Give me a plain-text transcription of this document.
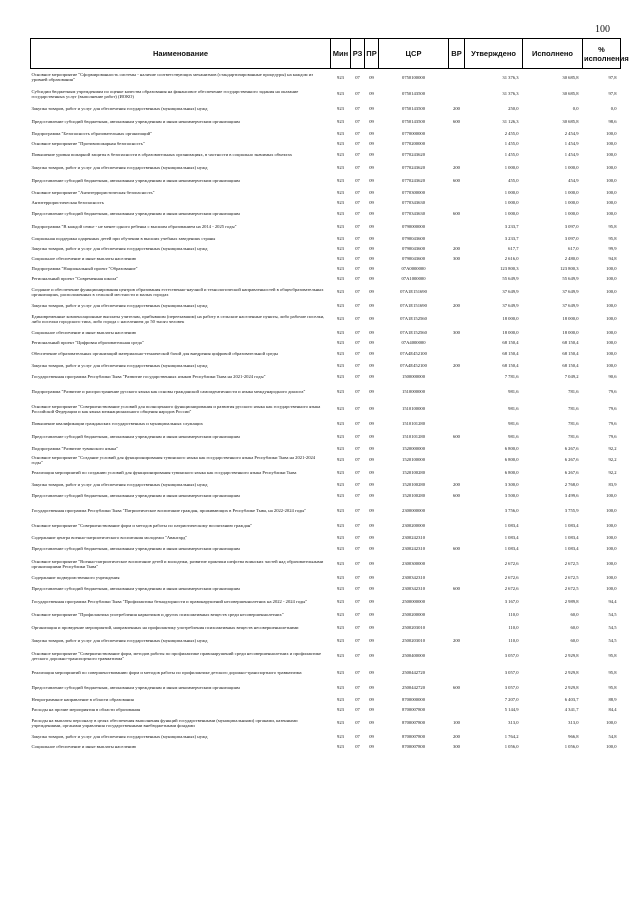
100
Наименование	Мин	РЗ	ПР	ЦСР	ВР	Утверждено	Исполнено	% исполнения
Основное мероприятие "Сформированность системы - наличие соответствующих механизмов (стандартизированные процедуры) на каждом из уровней образования"	923	07	09	0750100000		31 376,3	30 685,8	97,8
Субсидии бюджетным учреждениям по оценке качества образования на финансовое обеспечение государственного задания на оказание государственных услуг (выполнение работ) (ИОКО)	923	07	09	0750143500		31 376,3	30 685,8	97,8
Закупка товаров, работ и услуг для обеспечения государственных (муниципальных) нужд	923	07	09	0750143500	200	250,0	0,0	0,0
Предоставление субсидий бюджетным, автономным учреждениям и иным некоммерческим организациям	923	07	09	0750143500	600	31 126,3	30 685,8	98,6
Подпрограмма "Безопасность образовательных организаций"	923	07	09	0770000000		2 455,0	2 454,9	100,0
Основное мероприятие "Противопожарная безопасность"	923	07	09	0770200000		1 455,0	1 454,9	100,0
Повышение уровня пожарной защиты в безопасности в образовательных организациях, в частности в социально значимых объектах	923	07	09	0770243620		1 455,0	1 454,9	100,0
Закупка товаров, работ и услуг для обеспечения государственных (муниципальных) нужд	923	07	09	0770243620	200	1 000,0	1 000,0	100,0
Предоставление субсидий бюджетным, автономным учреждениям и иным некоммерческим организациям	923	07	09	0770243620	600	455,0	454,9	100,0
Основное мероприятие "Антитеррористическая безопасность"	923	07	09	0770300000		1 000,0	1 000,0	100,0
Антитеррористическая безопасность	923	07	09	0770343630		1 000,0	1 000,0	100,0
Предоставление субсидий бюджетным, автономным учреждениям и иным некоммерческим организациям	923	07	09	0770343630	600	1 000,0	1 000,0	100,0
Подпрограмма "В каждой семье - не менее одного ребенка с высшим образованием на 2014 - 2025 годы"	923	07	09	0790000000		3 233,7	3 097,0	95,8
Социальная поддержка одаренных детей при обучении в высших учебных заведениях страны	923	07	09	0790043600		3 233,7	3 097,0	95,8
Закупка товаров, работ и услуг для обеспечения государственных (муниципальных) нужд	923	07	09	0790043600	200	617,7	617,0	99,9
Социальное обеспечение и иные выплаты населению	923	07	09	0790043600	300	2 616,0	2 480,0	94,8
Подпрограмма "Национальный проект "Образование"	923	07	09	07А0000000		123 800,3	123 800,3	100,0
Региональный проект "Современная школа"	923	07	09	07А1000000		55 649,9	55 649,9	100,0
Создание и обеспечение функционирования центров образования естественно-научной и технологической направленностей в общеобразовательных организациях, расположенных в сельской местности и малых городах	923	07	09	07А1Е151690		37 649,9	37 649,9	100,0
Закупка товаров, работ и услуг для обеспечения государственных (муниципальных) нужд	923	07	09	07А1Е151690	200	37 649,9	37 649,9	100,0
Единовременные компенсационные выплаты учителям, прибывшим (переехавшим) на работу в сельские населенные пункты, либо рабочие поселки, либо поселки городского типа, либо города с населением до 50 тысяч человек	923	07	09	07А1Е152560		18 000,0	18 000,0	100,0
Социальное обеспечение и иные выплаты населению	923	07	09	07А1Е152560	300	18 000,0	18 000,0	100,0
Региональный проект "Цифровая образовательная среда"	923	07	09	07А4000000		68 150,4	68 150,4	100,0
Обеспечение образовательных организаций материально-технической базой для внедрения цифровой образовательной среды	923	07	09	07А4Е452100		68 150,4	68 150,4	100,0
Закупка товаров, работ и услуг для обеспечения государственных (муниципальных) нужд	923	07	09	07А4Е452100	200	68 150,4	68 150,4	100,0
Государственная программа Республики Тыва "Развитие государственных языков Республики Тыва на 2021-2024 годы"	923	07	09	1500000000		7 781,6	7 049,2	90,6
Подпрограмма "Развитие и распространение русского языка как основы гражданской самоидентичности и языка международного диалога"	923	07	09	1510000000		981,6	781,6	79,6
Основное мероприятие "Совершенствование условий для полноценного функционирования и развития русского языка как государственного языка Российской Федерации и как языка межнационального общения народов России"	923	07	09	1510100000		981,6	781,6	79,6
Повышение квалификации гражданских государственных и муниципальных служащих	923	07	09	1510101280		981,6	781,6	79,6
Предоставление субсидий бюджетным, автономным учреждениям и иным некоммерческим организациям	923	07	09	1510101280	600	981,6	781,6	79,6
Подпрограмма "Развитие тувинского языка"	923	07	09	1520000000		6 800,0	6 267,6	92,2
Основное мероприятие "Создание условий для функционирования тувинского языка как государственного языка Республики Тыва на 2021-2024 годы"	923	07	09	1520100000		6 800,0	6 267,6	92,2
Реализация мероприятий по созданию условий для функционирования тувинского языка как государственного языка Республики Тыва	923	07	09	1520100280		6 800,0	6 267,6	92,2
Закупка товаров, работ и услуг для обеспечения государственных (муниципальных) нужд	923	07	09	1520100280	200	3 300,0	2 768,0	83,9
Предоставление субсидий бюджетным, автономным учреждениям и иным некоммерческим организациям	923	07	09	1520100280	600	3 500,0	3 499,6	100,0
Государственная программа Республики Тыва "Патриотическое воспитание граждан, проживающих в Республике Тыва, на 2022-2024 годы"	923	07	09	2300000000		3 756,0	3 755,9	100,0
Основное мероприятие "Совершенствование форм и методов работы по патриотическому воспитанию граждан"	923	07	09	2300200000		1 083,4	1 083,4	100,0
Содержание центра военно-патриотического воспитания молодежи "Авангард"	923	07	09	2300242310		1 083,4	1 083,4	100,0
Предоставление субсидий бюджетным, автономным учреждениям и иным некоммерческим организациям	923	07	09	2300242310	600	1 083,4	1 083,4	100,0
Основное мероприятие "Военно-патриотическое воспитание детей и молодежи, развитие практики шефства воинских частей над образовательными организациями Республики Тыва"	923	07	09	2300300000		2 672,6	2 672,5	100,0
Содержание подведомственного учреждения	923	07	09	2300342310		2 672,6	2 672,5	100,0
Предоставление субсидий бюджетным, автономным учреждениям и иным некоммерческим организациям	923	07	09	2300342310	600	2 672,6	2 672,5	100,0
Государственная программа Республики Тыва "Профилактика безнадзорности и правонарушений несовершеннолетних на 2022 - 2024 годы"	923	07	09	2500000000		3 167,0	2 989,8	94,4
Основное мероприятие "Профилактика употребления наркотиков и других психоактивных веществ среди несовершеннолетних"	923	07	09	2500200000		110,0	60,0	54,5
Организация и проведение мероприятий, направленных на профилактику употребления психоактивных веществ несовершеннолетними	923	07	09	2500203010		110,0	60,0	54,5
Закупка товаров, работ и услуг для обеспечения государственных (муниципальных) нужд	923	07	09	2500203010	200	110,0	60,0	54,5
Основное мероприятие "Совершенствование форм, методов работы по профилактике правонарушений среди несовершеннолетних и профилактике детского дорожно-транспортного травматизма"	923	07	09	2500400000		3 057,0	2 929,8	95,8
Реализация мероприятий по совершенствованию форм и методов работы по профилактике детского дорожно-транспортного травматизма	923	07	09	2500442720		3 057,0	2 929,8	95,8
Предоставление субсидий бюджетным, автономным учреждениям и иным некоммерческим организациям	923	07	09	2500442720	600	3 057,0	2 929,8	95,8
Непрограммное направление в области образования	923	07	09	8700000000		7 207,0	6 403,7	88,9
Расходы на прочие мероприятия в области образования	923	07	09	8700007800		5 144,9	4 341,7	84,4
Расходы на выплаты персоналу в целях обеспечения выполнения функций государственными (муниципальными) органами, казенными учреждениями, органами управления государственными внебюджетными фондами	923	07	09	8700007800	100	313,0	313,0	100,0
Закупка товаров, работ и услуг для обеспечения государственных (муниципальных) нужд	923	07	09	8700007800	200	1 764,2	966,8	54,8
Социальное обеспечение и иные выплаты населению	923	07	09	8700007800	300	1 056,0	1 056,0	100,0
